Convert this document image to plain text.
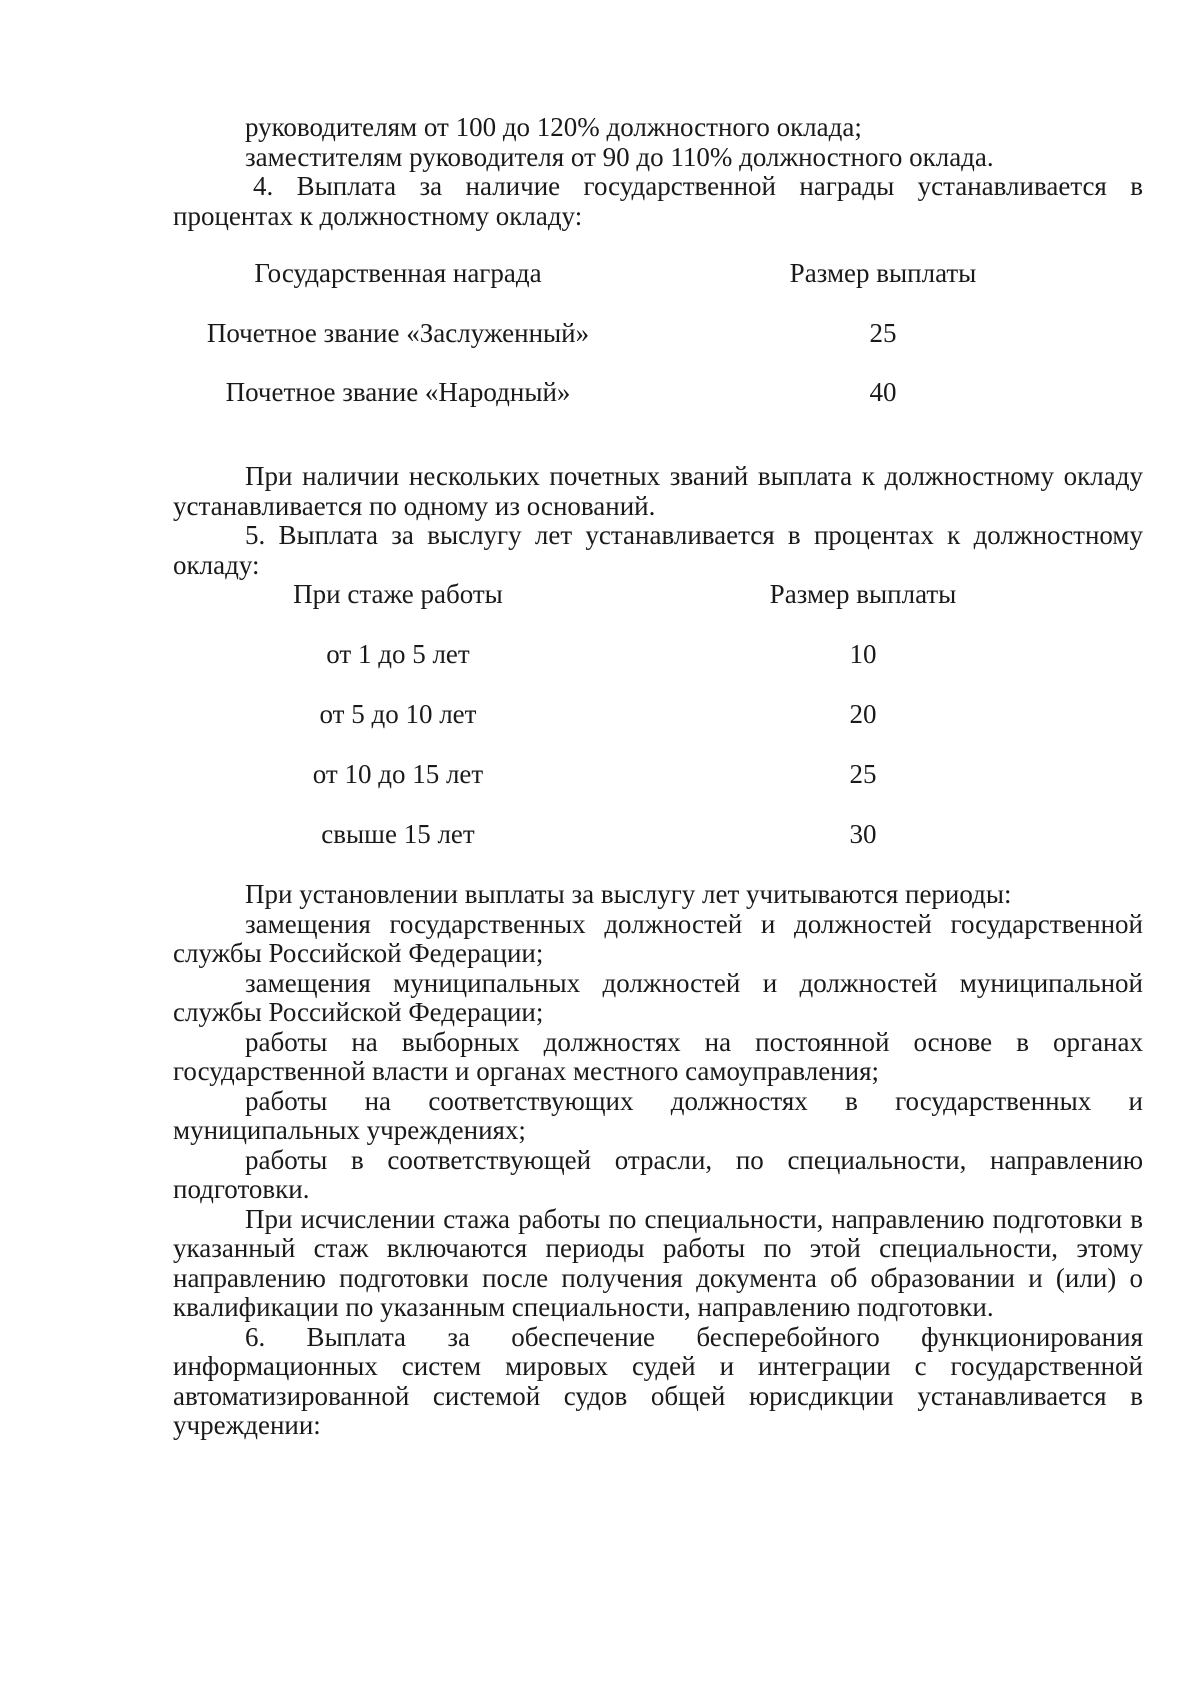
руководителям от 100 до 120% должностного оклада;

заместителям руководителя от 90 до 110% должностного оклада.

4. Выплата за наличие государственной награды устанавливается в процентах к должностному окладу:

Государственная награда	Размер выплаты
Почетное звание «Заслуженный»	25
Почетное звание «Народный»	40

При наличии нескольких почетных званий выплата к должностному окладу устанавливается по одному из оснований.

5. Выплата за выслугу лет устанавливается в процентах к должностному окладу:

При стаже работы	Размер выплаты
от 1 до 5 лет	10
от 5 до 10 лет	20
от 10 до 15 лет	25
свыше 15 лет	30

При установлении выплаты за выслугу лет учитываются периоды:

замещения государственных должностей и должностей государственной службы Российской Федерации;

замещения муниципальных должностей и должностей муниципальной службы Российской Федерации;

работы на выборных должностях на постоянной основе в органах государственной власти и органах местного самоуправления;

работы на соответствующих должностях в государственных и муниципальных учреждениях;

работы в соответствующей отрасли, по специальности, направлению подготовки.

При исчислении стажа работы по специальности, направлению подготовки в указанный стаж включаются периоды работы по этой специальности, этому направлению подготовки после получения документа об образовании и (или) о квалификации по указанным специальности, направлению подготовки.

6. Выплата за обеспечение бесперебойного функционирования информационных систем мировых судей и интеграции с государственной автоматизированной системой судов общей юрисдикции устанавливается в учреждении:
